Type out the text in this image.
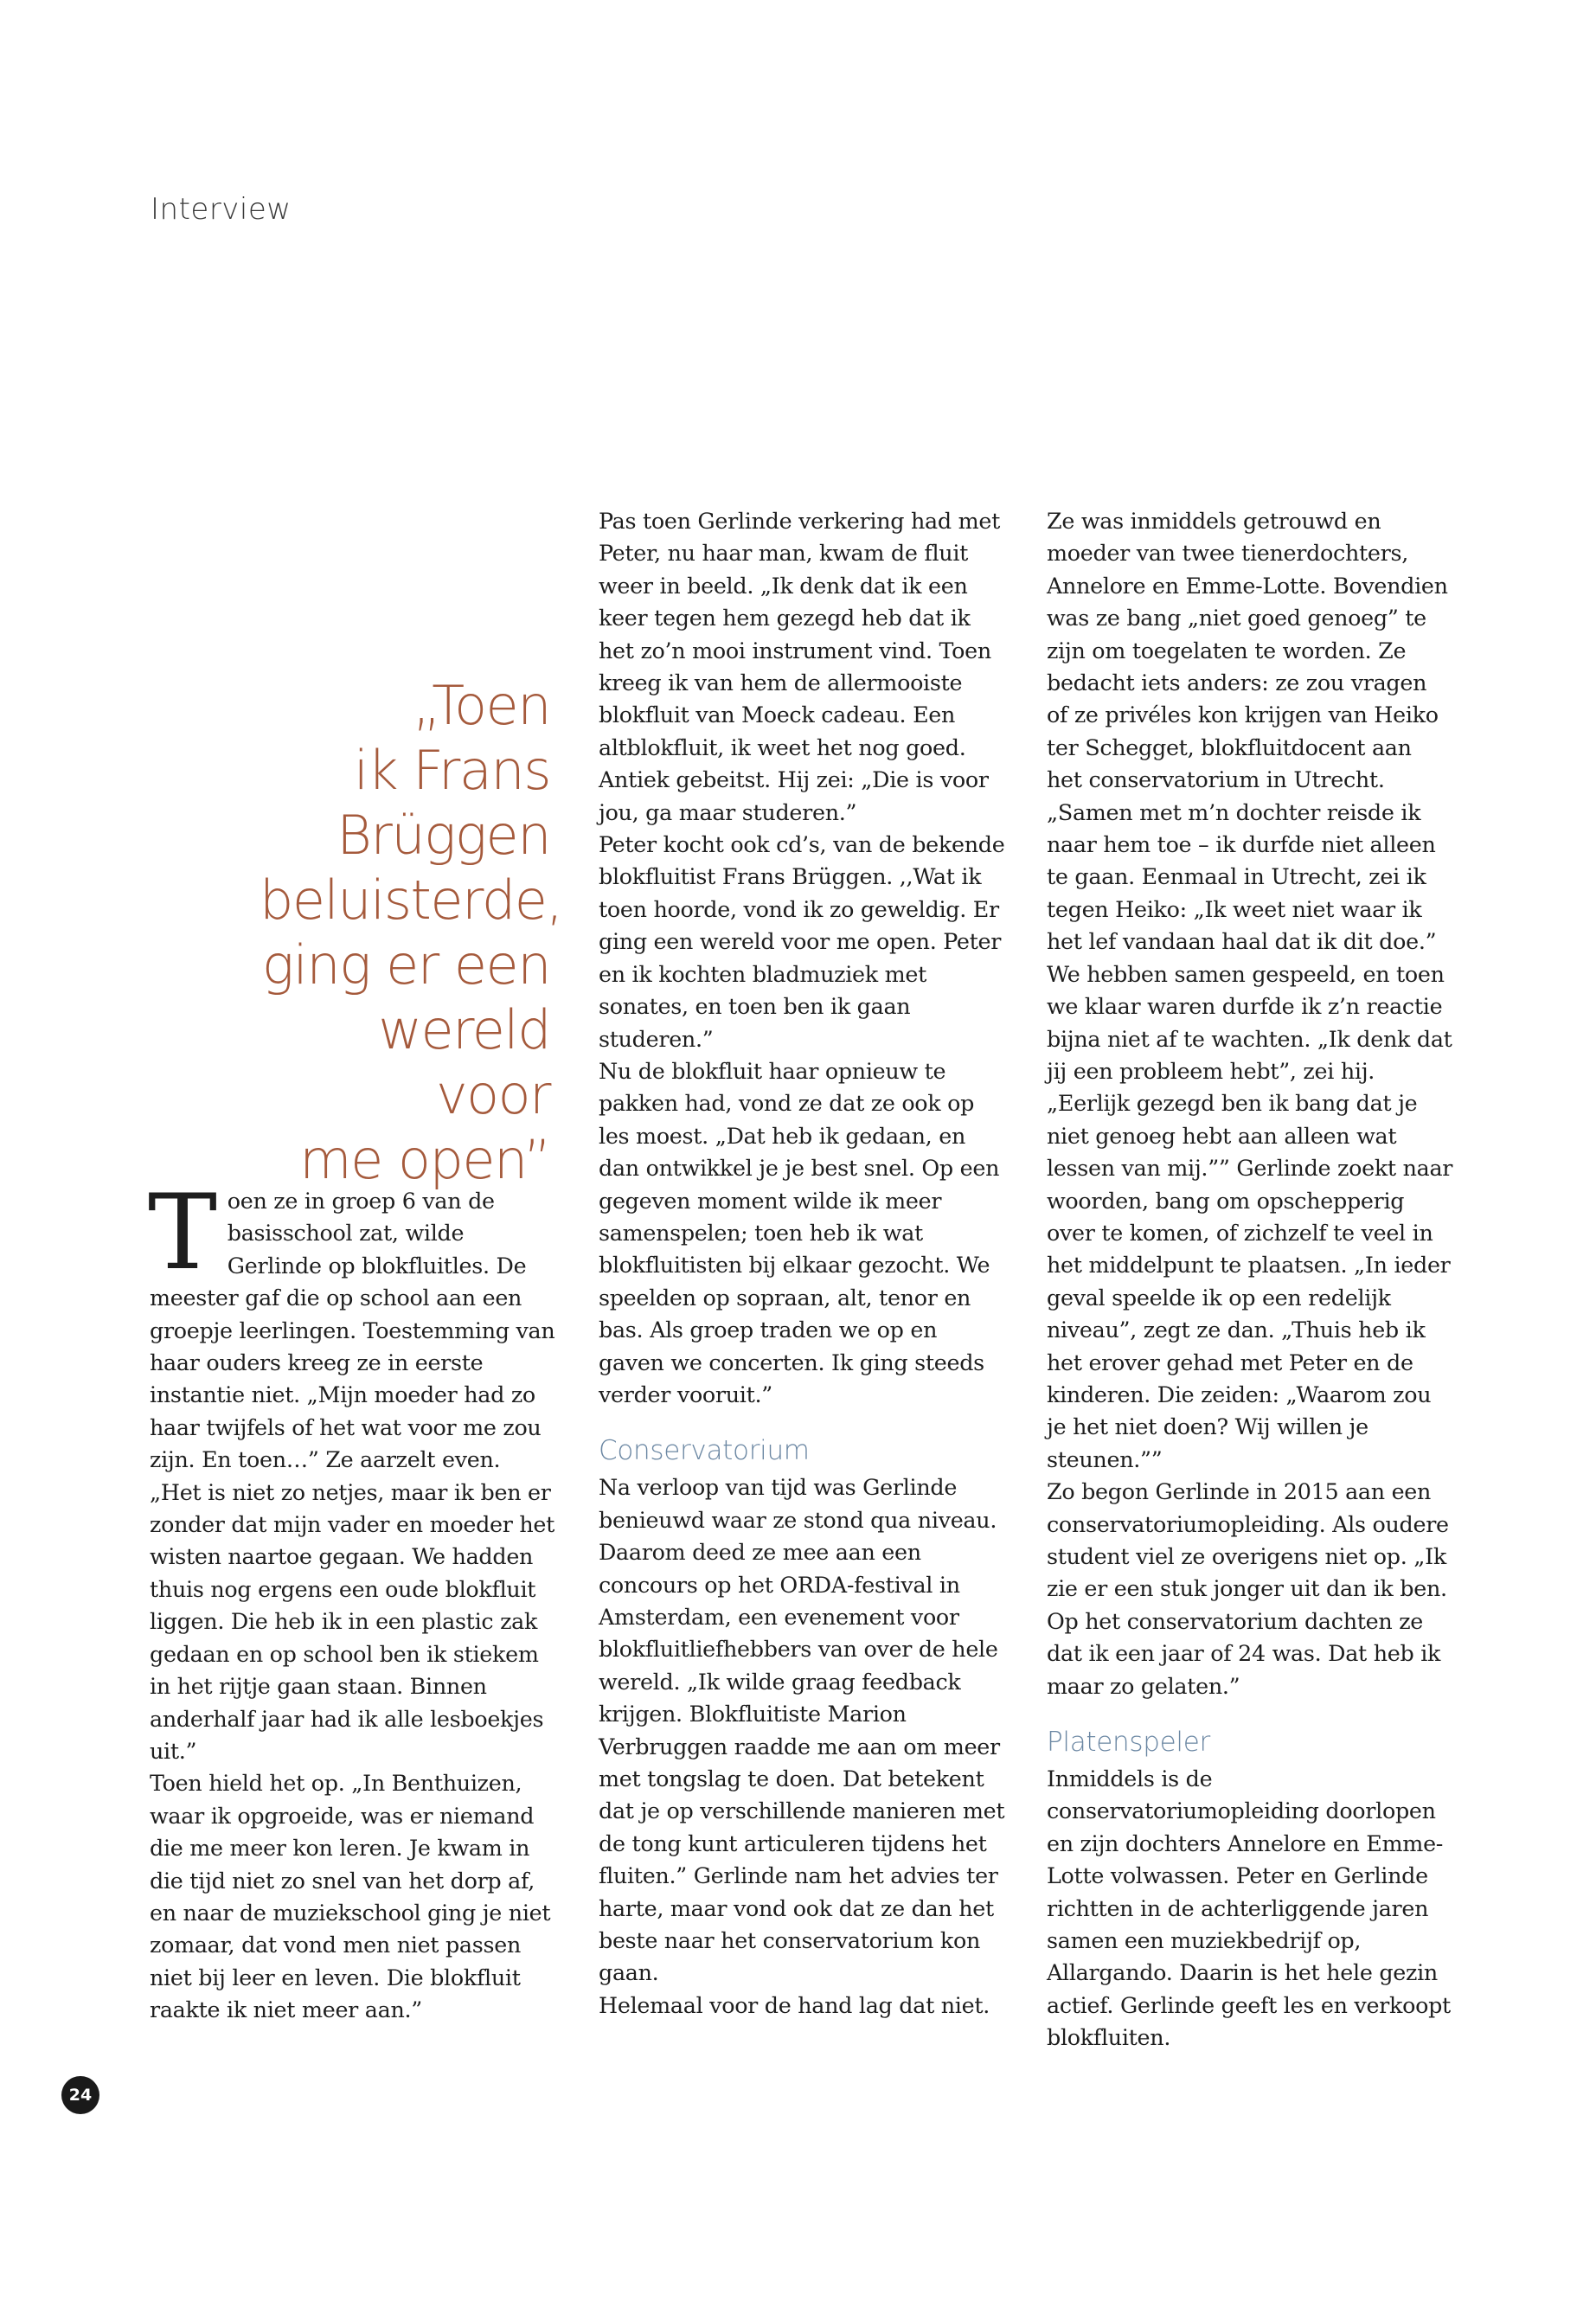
Interview
„Toen
ik Frans
Brüggen
beluisterde,
ging er een
wereld voor
me open”

Toen ze in groep 6 van de basisschool zat, wilde Gerlinde op blokfluitles. De meester gaf die op school aan een groepje leerlingen. Toestemming van haar ouders kreeg ze in eerste instantie niet. „Mijn moeder had zo haar twijfels of het wat voor me zou zijn. En toen…” Ze aarzelt even. „Het is niet zo netjes, maar ik ben er zonder dat mijn vader en moeder het wisten naartoe gegaan. We hadden thuis nog ergens een oude blokfluit liggen. Die heb ik in een plastic zak gedaan en op school ben ik stiekem in het rijtje gaan staan. Binnen anderhalf jaar had ik alle lesboekjes uit.”

Toen hield het op. „In Benthuizen, waar ik opgroeide, was er niemand die me meer kon leren. Je kwam in die tijd niet zo snel van het dorp af, en naar de muziekschool ging je niet zomaar, dat vond men niet passen niet bij leer en leven. Die blokfluit raakte ik niet meer aan.”

Pas toen Gerlinde verkering had met Peter, nu haar man, kwam de fluit weer in beeld. „Ik denk dat ik een keer tegen hem gezegd heb dat ik het zo’n mooi instrument vind. Toen kreeg ik van hem de allermooiste blokfluit van Moeck cadeau. Een altblokfluit, ik weet het nog goed. Antiek gebeitst. Hij zei: „Die is voor jou, ga maar studeren.”

Peter kocht ook cd’s, van de bekende blokfluitist Frans Brüggen. ,,Wat ik toen hoorde, vond ik zo geweldig. Er ging een wereld voor me open. Peter en ik kochten bladmuziek met sonates, en toen ben ik gaan studeren.”

Nu de blokfluit haar opnieuw te pakken had, vond ze dat ze ook op les moest. „Dat heb ik gedaan, en dan ontwikkel je je best snel. Op een gegeven moment wilde ik meer samenspelen; toen heb ik wat blokfluitisten bij elkaar gezocht. We speelden op sopraan, alt, tenor en bas. Als groep traden we op en gaven we concerten. Ik ging steeds verder vooruit.”

Conservatorium

Na verloop van tijd was Gerlinde benieuwd waar ze stond qua niveau. Daarom deed ze mee aan een concours op het ORDA-festival in Amsterdam, een evenement voor blokfluitliefhebbers van over de hele wereld. „Ik wilde graag feedback krijgen. Blokfluitiste Marion Verbruggen raadde me aan om meer met tongslag te doen. Dat betekent dat je op verschillende manieren met de tong kunt articuleren tijdens het fluiten.” Gerlinde nam het advies ter harte, maar vond ook dat ze dan het beste naar het conservatorium kon gaan.

Helemaal voor de hand lag dat niet.

Ze was inmiddels getrouwd en moeder van twee tienerdochters, Annelore en Emme-Lotte. Bovendien was ze bang „niet goed genoeg” te zijn om toegelaten te worden. Ze bedacht iets anders: ze zou vragen of ze privéles kon krijgen van Heiko ter Schegget, blokfluitdocent aan het conservatorium in Utrecht. „Samen met m’n dochter reisde ik naar hem toe – ik durfde niet alleen te gaan. Eenmaal in Utrecht, zei ik tegen Heiko: „Ik weet niet waar ik het lef vandaan haal dat ik dit doe.”

We hebben samen gespeeld, en toen we klaar waren durfde ik z’n reactie bijna niet af te wachten. „Ik denk dat jij een probleem hebt”, zei hij. „Eerlijk gezegd ben ik bang dat je niet genoeg hebt aan alleen wat lessen van mij.”” Gerlinde zoekt naar woorden, bang om opschepperig over te komen, of zichzelf te veel in het middelpunt te plaatsen. „In ieder geval speelde ik op een redelijk niveau”, zegt ze dan. „Thuis heb ik het erover gehad met Peter en de kinderen. Die zeiden: „Waarom zou je het niet doen? Wij willen je steunen.””

Zo begon Gerlinde in 2015 aan een conservatoriumopleiding. Als oudere student viel ze overigens niet op. „Ik zie er een stuk jonger uit dan ik ben. Op het conservatorium dachten ze dat ik een jaar of 24 was. Dat heb ik maar zo gelaten.”

Platenspeler

Inmiddels is de conservatoriumopleiding doorlopen en zijn dochters Annelore en Emme-Lotte volwassen. Peter en Gerlinde richtten in de achterliggende jaren samen een muziekbedrijf op, Allargando. Daarin is het hele gezin actief. Gerlinde geeft les en verkoopt blokfluiten.

24
